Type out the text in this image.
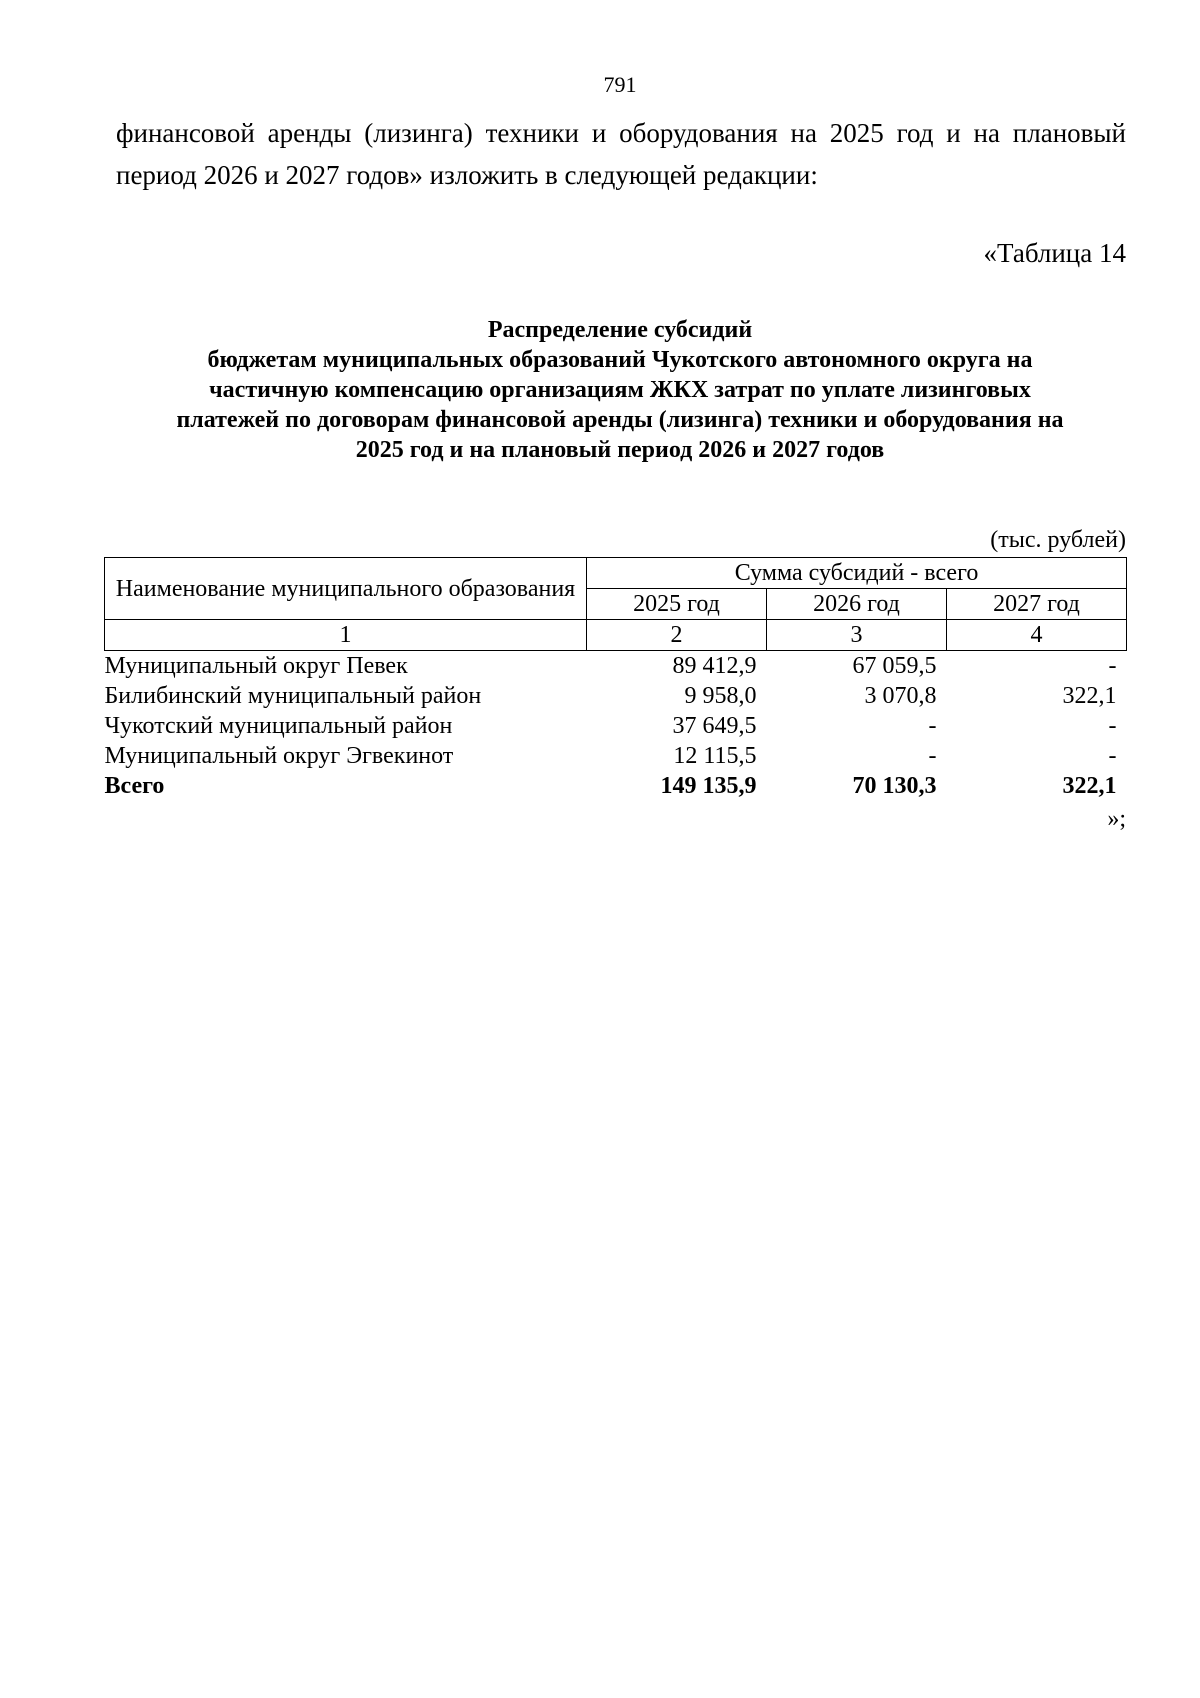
791
финансовой аренды (лизинга) техники и оборудования на 2025 год и на плановый
период 2026 и 2027 годов» изложить в следующей редакции:
«Таблица 14
Распределение субсидий
бюджетам муниципальных образований Чукотского автономного округа на
частичную компенсацию организациям ЖКХ затрат по уплате лизинговых
платежей по договорам финансовой аренды (лизинга) техники и оборудования на
2025 год и на плановый период 2026 и 2027 годов
(тыс. рублей)
Наименование муниципального образования	Сумма субсидий - всего		
	2025 год	2026 год	2027 год
1	2	3	4
Муниципальный округ Певек	89 412,9	67 059,5	-
Билибинский муниципальный район	9 958,0	3 070,8	322,1
Чукотский муниципальный район	37 649,5	-	-
Муниципальный округ Эгвекинот	12 115,5	-	-
Всего	149 135,9	70 130,3	322,1
»;
